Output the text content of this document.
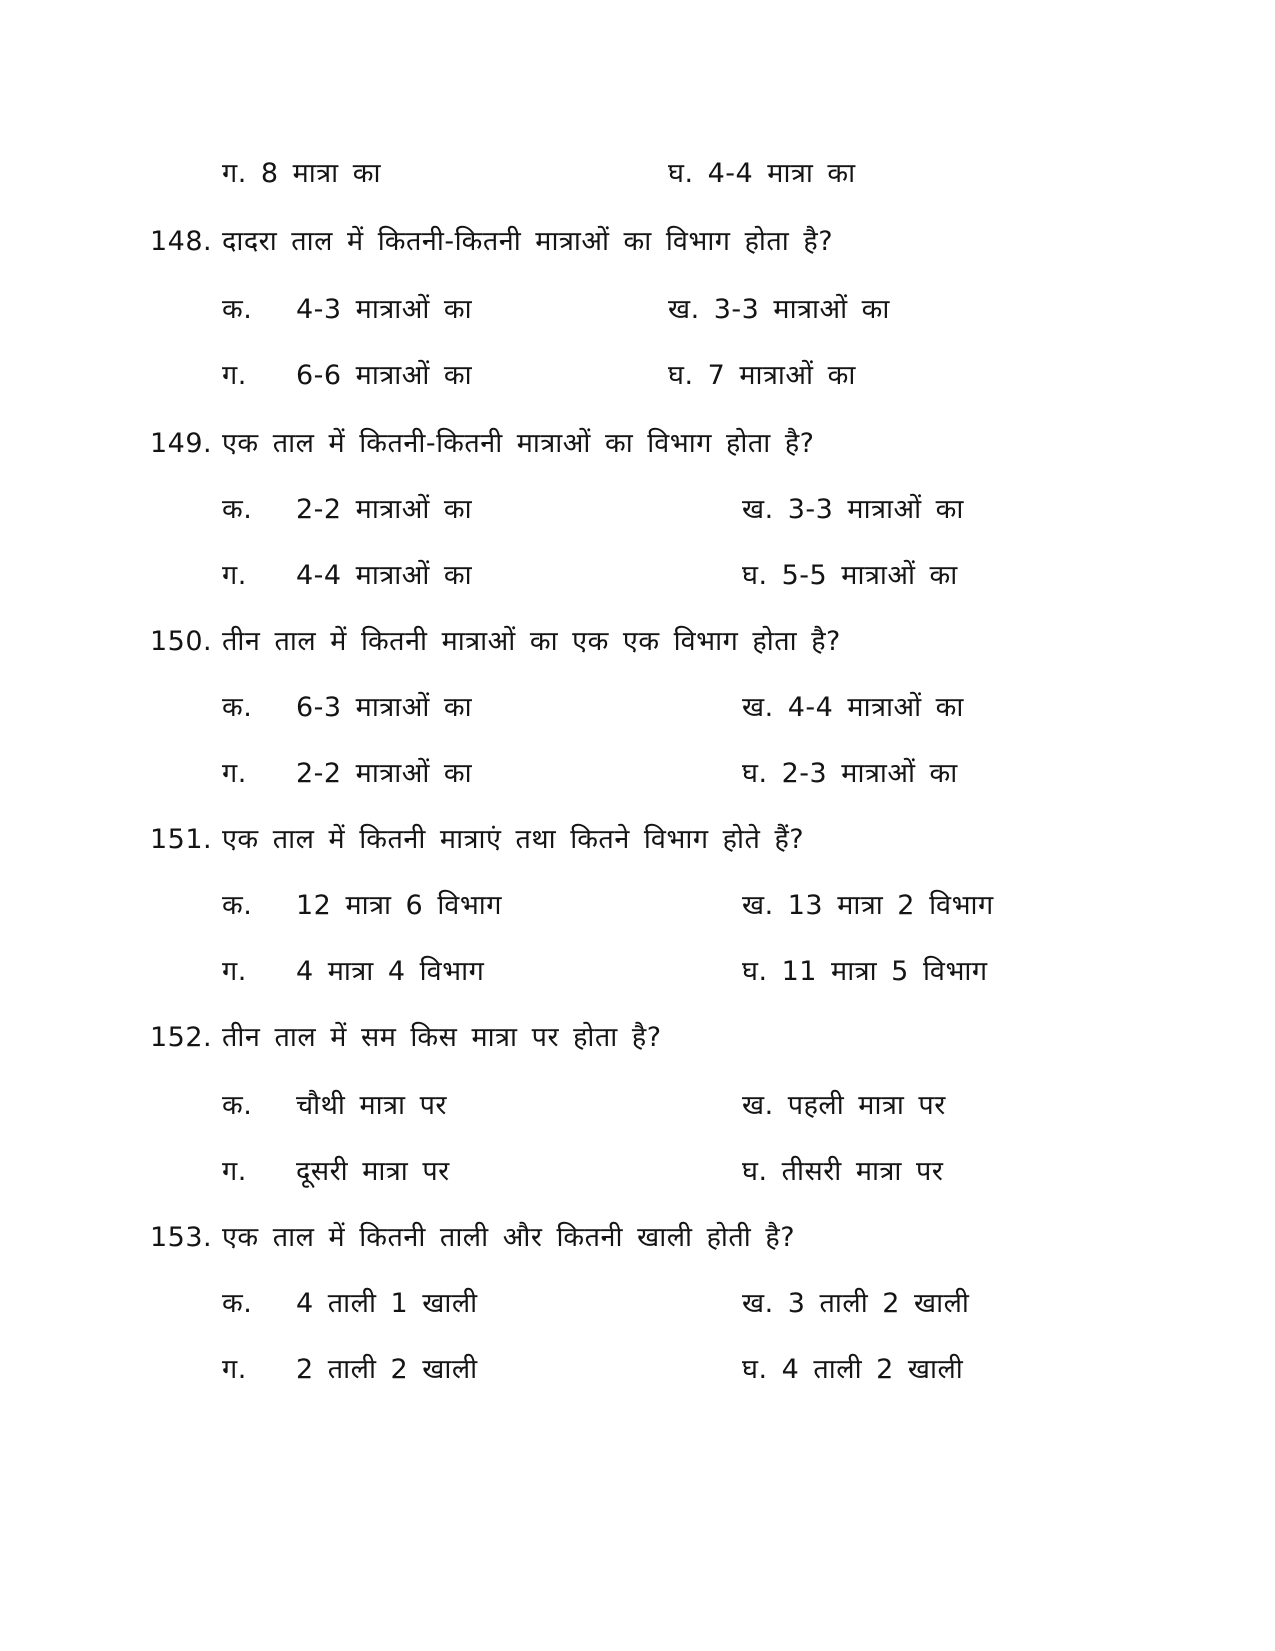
ग. 8 मात्रा का	घ. 4-4 मात्रा का
148. दादरा ताल में कितनी-कितनी मात्राओं का विभाग होता है?
क. 4-3 मात्राओं का	ख. 3-3 मात्राओं का
ग. 6-6 मात्राओं का	घ. 7 मात्राओं का
149. एक ताल में कितनी-कितनी मात्राओं का विभाग होता है?
क. 2-2 मात्राओं का	ख. 3-3 मात्राओं का
ग. 4-4 मात्राओं का	घ. 5-5 मात्राओं का
150. तीन ताल में कितनी मात्राओं का एक एक विभाग होता है?
क. 6-3 मात्राओं का	ख. 4-4 मात्राओं का
ग. 2-2 मात्राओं का	घ. 2-3 मात्राओं का
151. एक ताल में कितनी मात्राएं तथा कितने विभाग होते हैं?
क. 12 मात्रा 6 विभाग	ख. 13 मात्रा 2 विभाग
ग. 4 मात्रा 4 विभाग	घ. 11 मात्रा 5 विभाग
152. तीन ताल में सम किस मात्रा पर होता है?
क. चौथी मात्रा पर	ख. पहली मात्रा पर
ग. दूसरी मात्रा पर	घ. तीसरी मात्रा पर
153. एक ताल में कितनी ताली और कितनी खाली होती है?
क. 4 ताली 1 खाली	ख. 3 ताली 2 खाली
ग. 2 ताली 2 खाली	घ. 4 ताली 2 खाली
